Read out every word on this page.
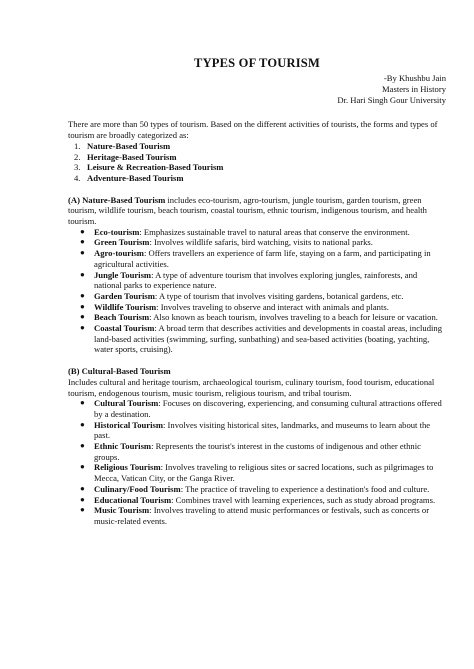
TYPES OF TOURISM
-By Khushbu Jain
Masters in History
Dr. Hari Singh Gour University
There are more than 50 types of tourism. Based on the different activities of tourists, the forms and types of tourism are broadly categorized as:
1. Nature-Based Tourism
2. Heritage-Based Tourism
3. Leisure & Recreation-Based Tourism
4. Adventure-Based Tourism
(A) Nature-Based Tourism includes eco-tourism, agro-tourism, jungle tourism, garden tourism, green tourism, wildlife tourism, beach tourism, coastal tourism, ethnic tourism, indigenous tourism, and health tourism.
●	Eco-tourism: Emphasizes sustainable travel to natural areas that conserve the environment.
●	Green Tourism: Involves wildlife safaris, bird watching, visits to national parks.
●	Agro-tourism: Offers travellers an experience of farm life, staying on a farm, and participating in agricultural activities.
●	Jungle Tourism: A type of adventure tourism that involves exploring jungles, rainforests, and national parks to experience nature.
●	Garden Tourism: A type of tourism that involves visiting gardens, botanical gardens, etc.
●	Wildlife Tourism: Involves traveling to observe and interact with animals and plants.
●	Beach Tourism: Also known as beach tourism, involves traveling to a beach for leisure or vacation.
●	Coastal Tourism: A broad term that describes activities and developments in coastal areas, including land-based activities (swimming, surfing, sunbathing) and sea-based activities (boating, yachting, water sports, cruising).
(B) Cultural-Based Tourism
Includes cultural and heritage tourism, archaeological tourism, culinary tourism, food tourism, educational tourism, endogenous tourism, music tourism, religious tourism, and tribal tourism.
●	Cultural Tourism: Focuses on discovering, experiencing, and consuming cultural attractions offered by a destination.
●	Historical Tourism: Involves visiting historical sites, landmarks, and museums to learn about the past.
●	Ethnic Tourism: Represents the tourist's interest in the customs of indigenous and other ethnic groups.
●	Religious Tourism: Involves traveling to religious sites or sacred locations, such as pilgrimages to Mecca, Vatican City, or the Ganga River.
●	Culinary/Food Tourism: The practice of traveling to experience a destination's food and culture.
●	Educational Tourism: Combines travel with learning experiences, such as study abroad programs.
●	Music Tourism: Involves traveling to attend music performances or festivals, such as concerts or music-related events.
